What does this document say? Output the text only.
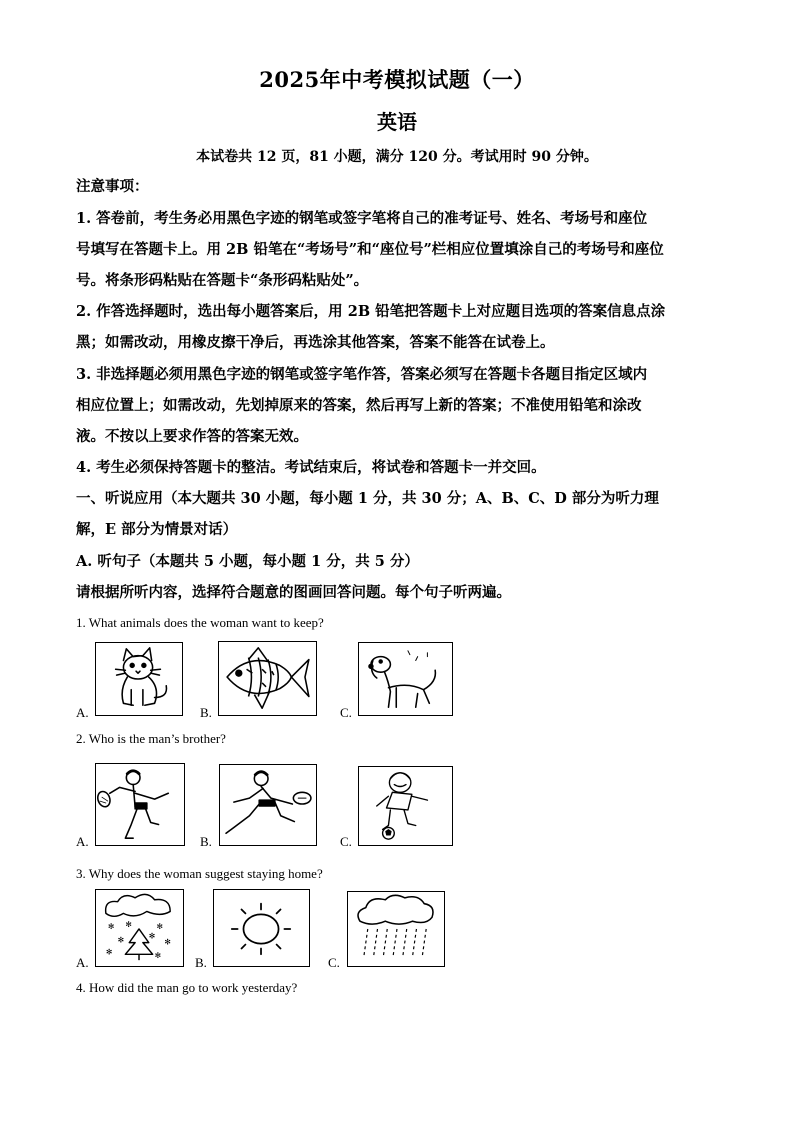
2025年中考模拟试题（一）
英语
本试卷共 12 页，81 小题，满分 120 分。考试用时 90 分钟。
注意事项：
1. 答卷前，考生务必用黑色字迹的钢笔或签字笔将自己的准考证号、姓名、考场号和座位
号填写在答题卡上。用 2B 铅笔在“考场号”和“座位号”栏相应位置填涂自己的考场号和座位
号。将条形码粘贴在答题卡“条形码粘贴处”。
2. 作答选择题时，选出每小题答案后，用 2B 铅笔把答题卡上对应题目选项的答案信息点涂
黑；如需改动，用橡皮擦干净后，再选涂其他答案，答案不能答在试卷上。
3. 非选择题必须用黑色字迹的钢笔或签字笔作答，答案必须写在答题卡各题目指定区域内
相应位置上；如需改动，先划掉原来的答案，然后再写上新的答案；不准使用铅笔和涂改
液。不按以上要求作答的答案无效。
4. 考生必须保持答题卡的整洁。考试结束后，将试卷和答题卡一并交回。
一、听说应用（本大题共 30 小题，每小题 1 分，共 30 分；A、B、C、D 部分为听力理
解，E 部分为情景对话）
A. 听句子（本题共 5 小题，每小题 1 分，共 5 分）
请根据所听内容，选择符合题意的图画回答问题。每个句子听两遍。
1. What animals does the woman want to keep?
A.	B.	C.
2. Who is the man’s brother?
A.	B.	C.
3. Why does the woman suggest staying home?
A.
✻
✻
✻
✻
✻
✻
✻
✻
B.	C.
4. How did the man go to work yesterday?
